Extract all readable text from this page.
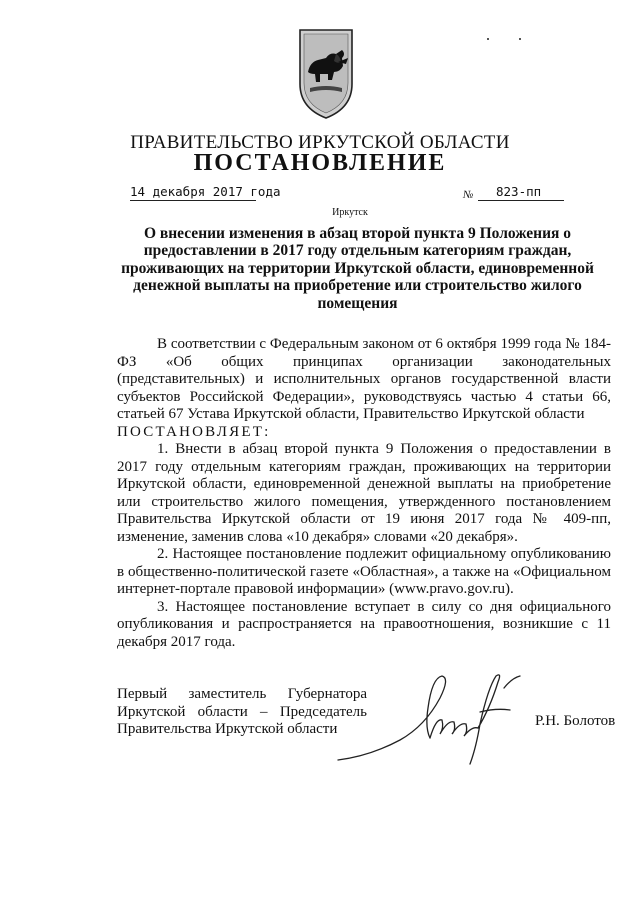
ПРАВИТЕЛЬСТВО ИРКУТСКОЙ ОБЛАСТИ
ПОСТАНОВЛЕНИЕ
14 декабря 2017 года	№	823-пп
Иркутск
О внесении изменения в абзац второй пункта 9 Положения о предоставлении в 2017 году отдельным категориям граждан, проживающих на территории Иркутской области, единовременной денежной выплаты на приобретение или строительство жилого помещения

В соответствии с Федеральным законом от 6 октября 1999 года № 184-ФЗ «Об общих принципах организации законодательных (представительных) и исполнительных органов государственной власти субъектов Российской Федерации», руководствуясь частью 4 статьи 66, статьей 67 Устава Иркутской области, Правительство Иркутской области

ПОСТАНОВЛЯЕТ:

1. Внести в абзац второй пункта 9 Положения о предоставлении в 2017 году отдельным категориям граждан, проживающих на территории Иркутской области, единовременной денежной выплаты на приобретение или строительство жилого помещения, утвержденного постановлением Правительства Иркутской области от 19 июня 2017 года № 409-пп, изменение, заменив слова «10 декабря» словами «20 декабря».

2. Настоящее постановление подлежит официальному опубликованию в общественно-политической газете «Областная», а также на «Официальном интернет-портале правовой информации» (www.pravo.gov.ru).

3. Настоящее постановление вступает в силу со дня официального опубликования и распространяется на правоотношения, возникшие с 11 декабря 2017 года.

Первый заместитель Губернатора Иркутской области – Председатель Правительства Иркутской области	Р.Н. Болотов
